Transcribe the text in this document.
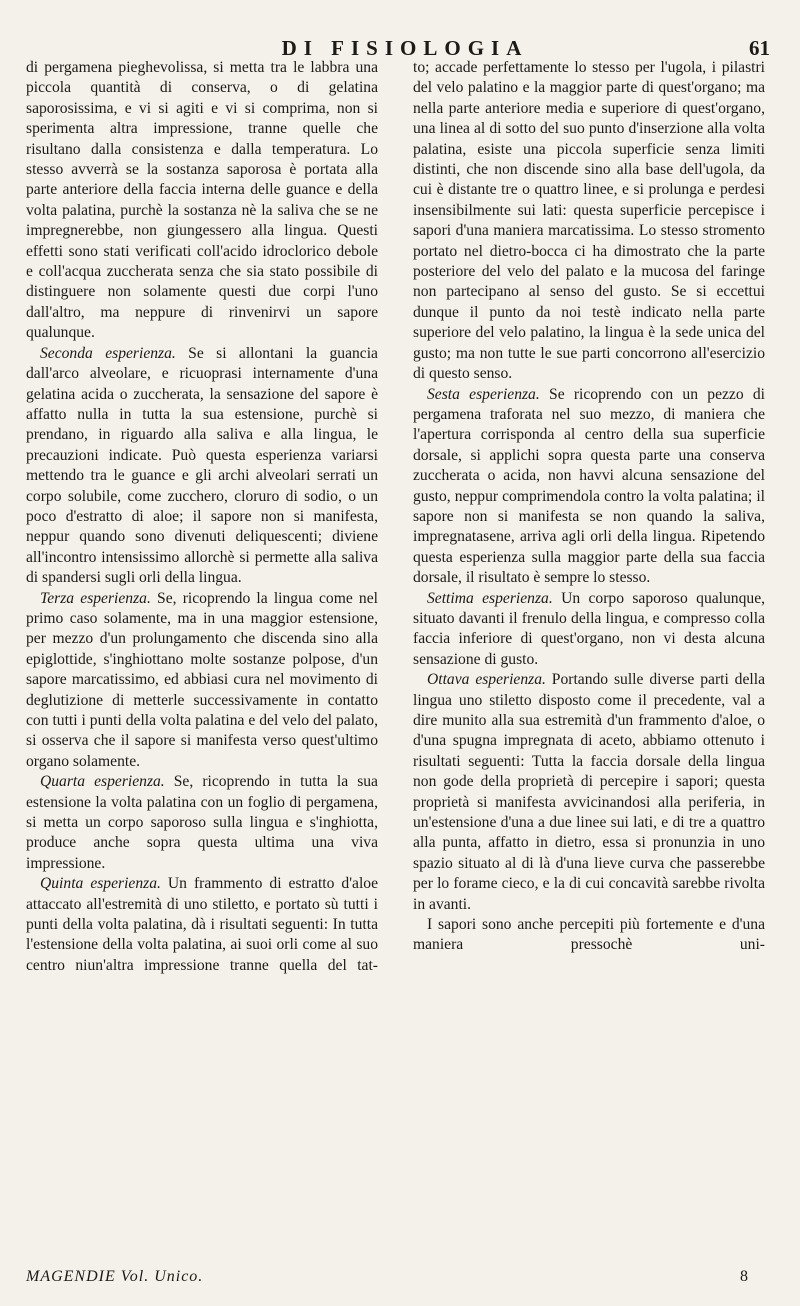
DI FISIOLOGIA	61

di pergamena pieghevolissa, si metta tra le labbra una piccola quantità di conserva, o di gelatina saporosissima, e vi si agiti e vi si comprima, non si sperimenta altra impressione, tranne quelle che risultano dalla consistenza e dalla temperatura. Lo stesso avverrà se la sostanza saporosa è portata alla parte anteriore della faccia interna delle guance e della volta palatina, purchè la sostanza nè la saliva che se ne impregnerebbe, non giungessero alla lingua. Questi effetti sono stati verificati coll'acido idroclorico debole e coll'acqua zuccherata senza che sia stato possibile di distinguere non solamente questi due corpi l'uno dall'altro, ma neppure di rinvenirvi un sapore qualunque.

Seconda esperienza. Se si allontani la guancia dall'arco alveolare, e ricuoprasi internamente d'una gelatina acida o zuccherata, la sensazione del sapore è affatto nulla in tutta la sua estensione, purchè si prendano, in riguardo alla saliva e alla lingua, le precauzioni indicate. Può questa esperienza variarsi mettendo tra le guance e gli archi alveolari serrati un corpo solubile, come zucchero, cloruro di sodio, o un poco d'estratto di aloe; il sapore non si manifesta, neppur quando sono divenuti deliquescenti; diviene all'incontro intensissimo allorchè si permette alla saliva di spandersi sugli orli della lingua.

Terza esperienza. Se, ricoprendo la lingua come nel primo caso solamente, ma in una maggior estensione, per mezzo d'un prolungamento che discenda sino alla epiglottide, s'inghiottano molte sostanze polpose, d'un sapore marcatissimo, ed abbiasi cura nel movimento di deglutizione di metterle successivamente in contatto con tutti i punti della volta palatina e del velo del palato, si osserva che il sapore si manifesta verso quest'ultimo organo solamente.

Quarta esperienza. Se, ricoprendo in tutta la sua estensione la volta palatina con un foglio di pergamena, si metta un corpo saporoso sulla lingua e s'inghiotta, produce anche sopra questa ultima una viva impressione.

Quinta esperienza. Un frammento di estratto d'aloe attaccato all'estremità di uno stiletto, e portato sù tutti i punti della volta palatina, dà i risultati seguenti: In tutta l'estensione della volta palatina, ai suoi orli come al suo centro niun'altra impressione tranne quella del tat-

to; accade perfettamente lo stesso per l'ugola, i pilastri del velo palatino e la maggior parte di quest'organo; ma nella parte anteriore media e superiore di quest'organo, una linea al di sotto del suo punto d'inserzione alla volta palatina, esiste una piccola superficie senza limiti distinti, che non discende sino alla base dell'ugola, da cui è distante tre o quattro linee, e si prolunga e perdesi insensibilmente sui lati: questa superficie percepisce i sapori d'una maniera marcatissima. Lo stesso stromento portato nel dietro-bocca ci ha dimostrato che la parte posteriore del velo del palato e la mucosa del faringe non partecipano al senso del gusto. Se si eccettui dunque il punto da noi testè indicato nella parte superiore del velo palatino, la lingua è la sede unica del gusto; ma non tutte le sue parti concorrono all'esercizio di questo senso.

Sesta esperienza. Se ricoprendo con un pezzo di pergamena traforata nel suo mezzo, di maniera che l'apertura corrisponda al centro della sua superficie dorsale, si applichi sopra questa parte una conserva zuccherata o acida, non havvi alcuna sensazione del gusto, neppur comprimendola contro la volta palatina; il sapore non si manifesta se non quando la saliva, impregnatasene, arriva agli orli della lingua. Ripetendo questa esperienza sulla maggior parte della sua faccia dorsale, il risultato è sempre lo stesso.

Settima esperienza. Un corpo saporoso qualunque, situato davanti il frenulo della lingua, e compresso colla faccia inferiore di quest'organo, non vi desta alcuna sensazione di gusto.

Ottava esperienza. Portando sulle diverse parti della lingua uno stiletto disposto come il precedente, val a dire munito alla sua estremità d'un frammento d'aloe, o d'una spugna impregnata di aceto, abbiamo ottenuto i risultati seguenti: Tutta la faccia dorsale della lingua non gode della proprietà di percepire i sapori; questa proprietà si manifesta avvicinandosi alla periferia, in un'estensione d'una a due linee sui lati, e di tre a quattro alla punta, affatto in dietro, essa si pronunzia in uno spazio situato al di là d'una lieve curva che passerebbe per lo forame cieco, e la di cui concavità sarebbe rivolta in avanti.

I sapori sono anche percepiti più fortemente e d'una maniera pressochè uni-

MAGENDIE Vol. Unico.	8
